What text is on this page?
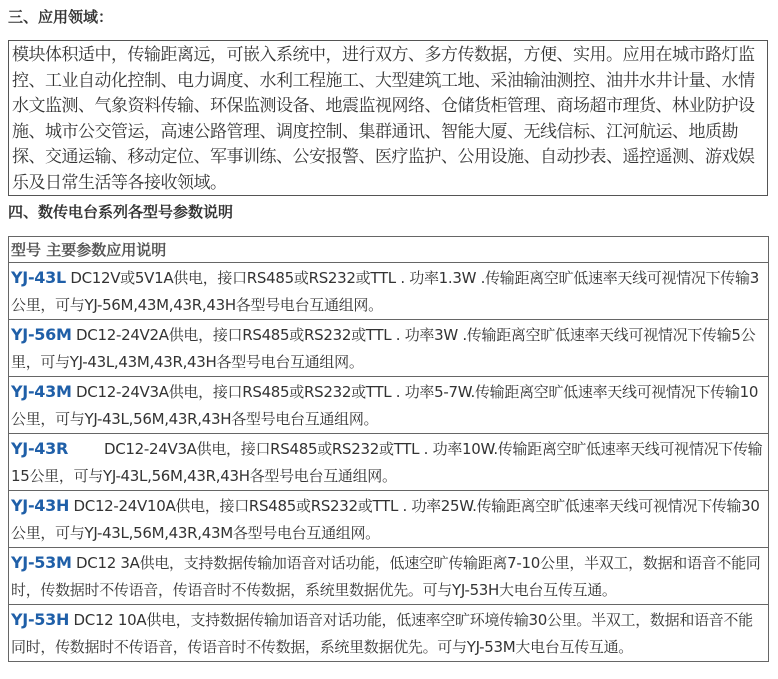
三、应用领域：
模块体积适中，传输距离远，可嵌入系统中，进行双方、多方传数据，方便、实用。应用在城市路灯监控、工业自动化控制、电力调度、水利工程施工、大型建筑工地、采油输油测控、油井水井计量、水情水文监测、气象资料传输、环保监测设备、地震监视网络、仓储货柜管理、商场超市理货、林业防护设施、城市公交管运，高速公路管理、调度控制、集群通讯、智能大厦、无线信标、江河航运、地质勘探、交通运输、移动定位、军事训练、公安报警、医疗监护、公用设施、自动抄表、遥控遥测、游戏娱乐及日常生活等各接收领域。
四、数传电台系列各型号参数说明
型号 主要参数应用说明
YJ-43L DC12V或5V1A供电，接口RS485或RS232或TTL . 功率1.3W .传输距离空旷低速率天线可视情况下传输3公里，可与YJ-56M,43M,43R,43H各型号电台互通组网。
YJ-56M DC12-24V2A供电，接口RS485或RS232或TTL . 功率3W .传输距离空旷低速率天线可视情况下传输5公里，可与YJ-43L,43M,43R,43H各型号电台互通组网。
YJ-43M DC12-24V3A供电，接口RS485或RS232或TTL . 功率5-7W.传输距离空旷低速率天线可视情况下传输10公里，可与YJ-43L,56M,43R,43H各型号电台互通组网。
YJ-43R DC12-24V3A供电，接口RS485或RS232或TTL . 功率10W.传输距离空旷低速率天线可视情况下传输15公里，可与YJ-43L,56M,43R,43H各型号电台互通组网。
YJ-43H DC12-24V10A供电，接口RS485或RS232或TTL . 功率25W.传输距离空旷低速率天线可视情况下传输30公里，可与YJ-43L,56M,43R,43M各型号电台互通组网。
YJ-53M DC12 3A供电，支持数据传输加语音对话功能，低速空旷传输距离7-10公里，半双工，数据和语音不能同时，传数据时不传语音，传语音时不传数据，系统里数据优先。可与YJ-53H大电台互传互通。
YJ-53H DC12 10A供电，支持数据传输加语音对话功能，低速率空旷环境传输30公里。半双工，数据和语音不能同时，传数据时不传语音，传语音时不传数据，系统里数据优先。可与YJ-53M大电台互传互通。
